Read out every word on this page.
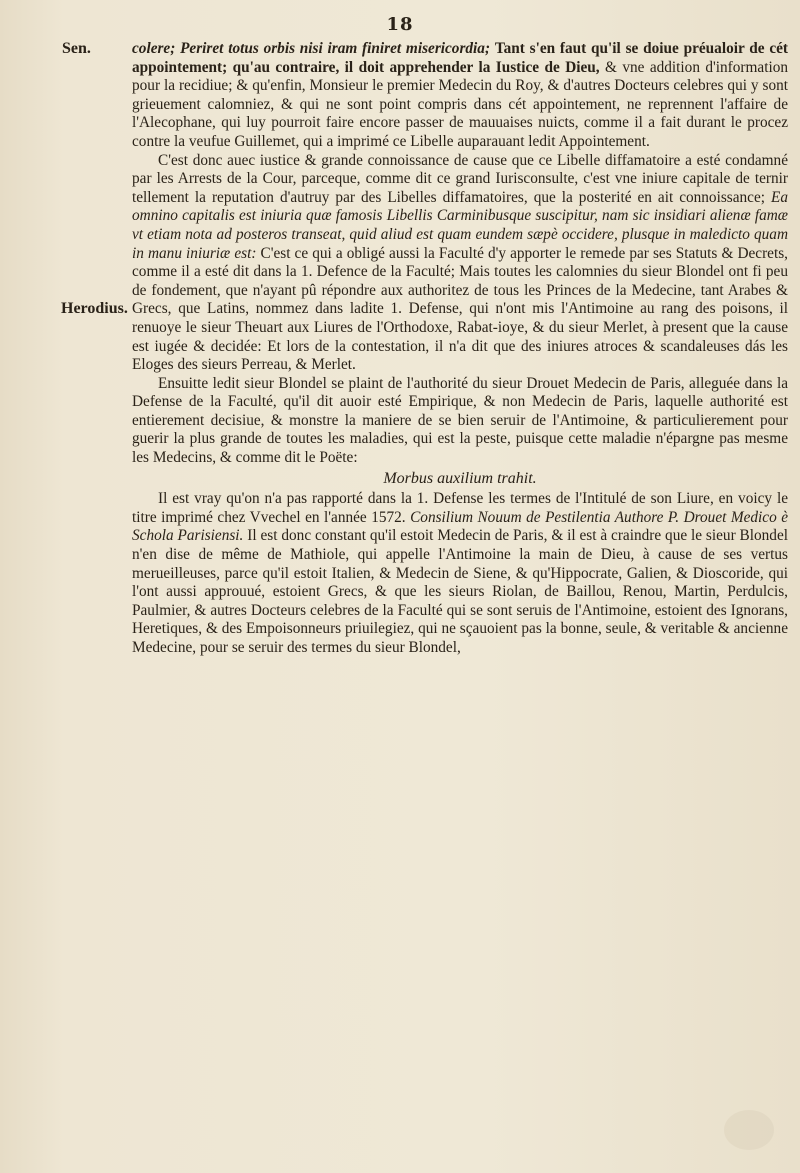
18
Sen.
Herodius.

colere; Periret totus orbis nisi iram finiret misericordia; Tant s'en faut qu'il se doiue préualoir de cét appointement; qu'au contraire, il doit apprehender la Iustice de Dieu, & vne addition d'information pour la recidiue; & qu'enfin, Monsieur le premier Medecin du Roy, & d'autres Docteurs celebres qui y sont grieuement calomniez, & qui ne sont point compris dans cét appointement, ne reprennent l'affaire de l'Alecophane, qui luy pourroit faire encore passer de mauuaises nuicts, comme il a fait durant le procez contre la veufue Guillemet, qui a imprimé ce Libelle auparauant ledit Appointement.

C'est donc auec iustice & grande connoissance de cause que ce Libelle diffamatoire a esté condamné par les Arrests de la Cour, parceque, comme dit ce grand Iurisconsulte, c'est vne iniure capitale de ternir tellement la reputation d'autruy par des Libelles diffamatoires, que la posterité en ait connoissance; Ea omnino capitalis est iniuria quæ famosis Libellis Carminibusque suscipitur, nam sic insidiari alienæ famæ vt etiam nota ad posteros transeat, quid aliud est quam eundem sæpè occidere, plusque in maledicto quam in manu iniuriæ est: C'est ce qui a obligé aussi la Faculté d'y apporter le remede par ses Statuts & Decrets, comme il a esté dit dans la 1. Defence de la Faculté; Mais toutes les calomnies du sieur Blondel ont fi peu de fondement, que n'ayant pû répondre aux authoritez de tous les Princes de la Medecine, tant Arabes & Grecs, que Latins, nommez dans ladite 1. Defense, qui n'ont mis l'Antimoine au rang des poisons, il renuoye le sieur Theuart aux Liures de l'Orthodoxe, Rabat-ioye, & du sieur Merlet, à present que la cause est iugée & decidée: Et lors de la contestation, il n'a dit que des iniures atroces & scandaleuses dás les Eloges des sieurs Perreau, & Merlet.

Ensuitte ledit sieur Blondel se plaint de l'authorité du sieur Drouet Medecin de Paris, alleguée dans la Defense de la Faculté, qu'il dit auoir esté Empirique, & non Medecin de Paris, laquelle authorité est entierement decisiue, & monstre la maniere de se bien seruir de l'Antimoine, & particulierement pour guerir la plus grande de toutes les maladies, qui est la peste, puisque cette maladie n'épargne pas mesme les Medecins, & comme dit le Poëte:

Morbus auxilium trahit.

Il est vray qu'on n'a pas rapporté dans la 1. Defense les termes de l'Intitulé de son Liure, en voicy le titre imprimé chez Vvechel en l'année 1572. Consilium Nouum de Pestilentia Authore P. Drouet Medico è Schola Parisiensi. Il est donc constant qu'il estoit Medecin de Paris, & il est à craindre que le sieur Blondel n'en dise de même de Mathiole, qui appelle l'Antimoine la main de Dieu, à cause de ses vertus merueilleuses, parce qu'il estoit Italien, & Medecin de Siene, & qu'Hippocrate, Galien, & Dioscoride, qui l'ont aussi approuué, estoient Grecs, & que les sieurs Riolan, de Baillou, Renou, Martin, Perdulcis, Paulmier, & autres Docteurs celebres de la Faculté qui se sont seruis de l'Antimoine, estoient des Ignorans, Heretiques, & des Empoisonneurs priuilegiez, qui ne sçauoient pas la bonne, seule, & veritable & ancienne Medecine, pour se seruir des termes du sieur Blondel,
